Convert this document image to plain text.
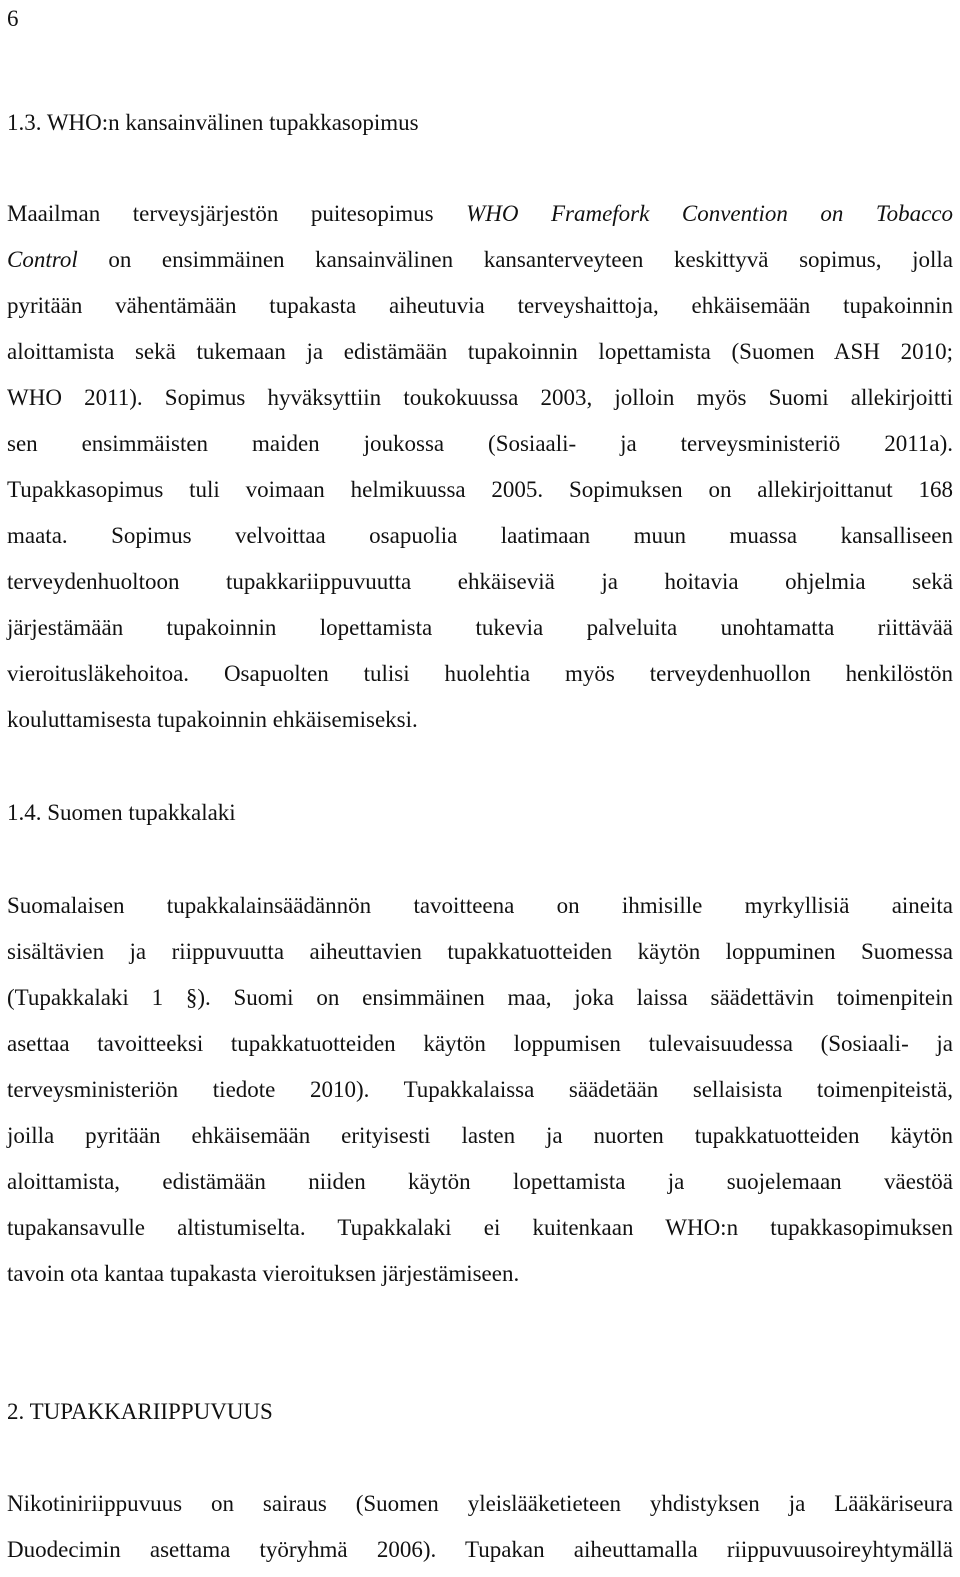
6
1.3. WHO:n kansainvälinen tupakkasopimus
Maailman terveysjärjestön puitesopimus WHO Framefork Convention on Tobacco
Control on ensimmäinen kansainvälinen kansanterveyteen keskittyvä sopimus, jolla
pyritään vähentämään tupakasta aiheutuvia terveyshaittoja, ehkäisemään tupakoinnin
aloittamista sekä tukemaan ja edistämään tupakoinnin lopettamista (Suomen ASH 2010;
WHO 2011). Sopimus hyväksyttiin toukokuussa 2003, jolloin myös Suomi allekirjoitti
sen ensimmäisten maiden joukossa (Sosiaali- ja terveysministeriö 2011a).
Tupakkasopimus tuli voimaan helmikuussa 2005. Sopimuksen on allekirjoittanut 168
maata. Sopimus velvoittaa osapuolia laatimaan muun muassa kansalliseen
terveydenhuoltoon tupakkariippuvuutta ehkäiseviä ja hoitavia ohjelmia sekä
järjestämään tupakoinnin lopettamista tukevia palveluita unohtamatta riittävää
vieroitusläkehoitoa. Osapuolten tulisi huolehtia myös terveydenhuollon henkilöstön
kouluttamisesta tupakoinnin ehkäisemiseksi.
1.4. Suomen tupakkalaki
Suomalaisen tupakkalainsäädännön tavoitteena on ihmisille myrkyllisiä aineita
sisältävien ja riippuvuutta aiheuttavien tupakkatuotteiden käytön loppuminen Suomessa
(Tupakkalaki 1 §). Suomi on ensimmäinen maa, joka laissa säädettävin toimenpitein
asettaa tavoitteeksi tupakkatuotteiden käytön loppumisen tulevaisuudessa (Sosiaali- ja
terveysministeriön tiedote 2010). Tupakkalaissa säädetään sellaisista toimenpiteistä,
joilla pyritään ehkäisemään erityisesti lasten ja nuorten tupakkatuotteiden käytön
aloittamista, edistämään niiden käytön lopettamista ja suojelemaan väestöä
tupakansavulle altistumiselta. Tupakkalaki ei kuitenkaan WHO:n tupakkasopimuksen
tavoin ota kantaa tupakasta vieroituksen järjestämiseen.
2. TUPAKKARIIPPUVUUS
Nikotiniriippuvuus on sairaus (Suomen yleislääketieteen yhdistyksen ja Lääkäriseura
Duodecimin asettama työryhmä 2006). Tupakan aiheuttamalla riippuvuusoireyhtymällä
